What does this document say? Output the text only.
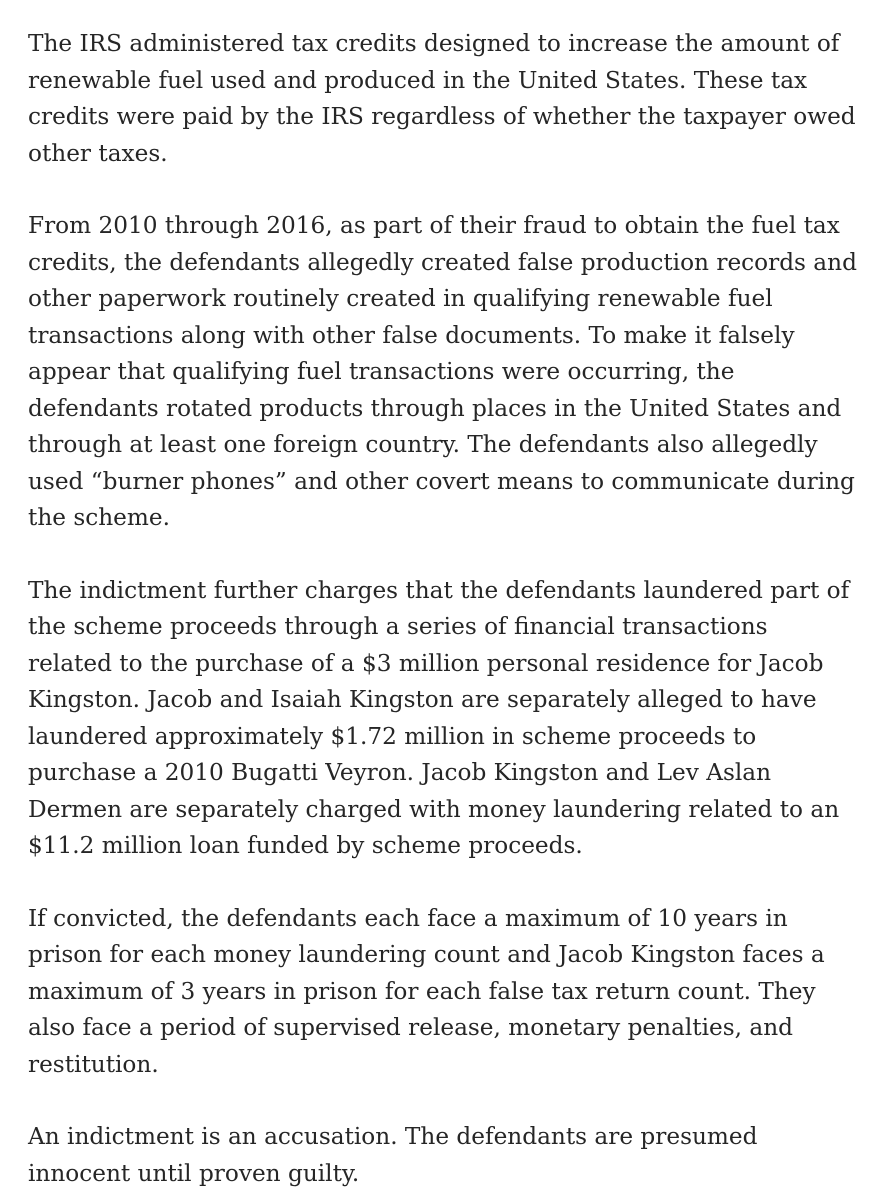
The IRS administered tax credits designed to increase the amount of renewable fuel used and produced in the United States. These tax credits were paid by the IRS regardless of whether the taxpayer owed other taxes.

From 2010 through 2016, as part of their fraud to obtain the fuel tax credits, the defendants allegedly created false production records and other paperwork routinely created in qualifying renewable fuel transactions along with other false documents. To make it falsely appear that qualifying fuel transactions were occurring, the defendants rotated products through places in the United States and through at least one foreign country. The defendants also allegedly used “burner phones” and other covert means to communicate during the scheme.

The indictment further charges that the defendants laundered part of the scheme proceeds through a series of financial transactions related to the purchase of a $3 million personal residence for Jacob Kingston. Jacob and Isaiah Kingston are separately alleged to have laundered approximately $1.72 million in scheme proceeds to purchase a 2010 Bugatti Veyron. Jacob Kingston and Lev Aslan Dermen are separately charged with money laundering related to an $11.2 million loan funded by scheme proceeds.

If convicted, the defendants each face a maximum of 10 years in prison for each money laundering count and Jacob Kingston faces a maximum of 3 years in prison for each false tax return count. They also face a period of supervised release, monetary penalties, and restitution.

An indictment is an accusation. The defendants are presumed innocent until proven guilty.
